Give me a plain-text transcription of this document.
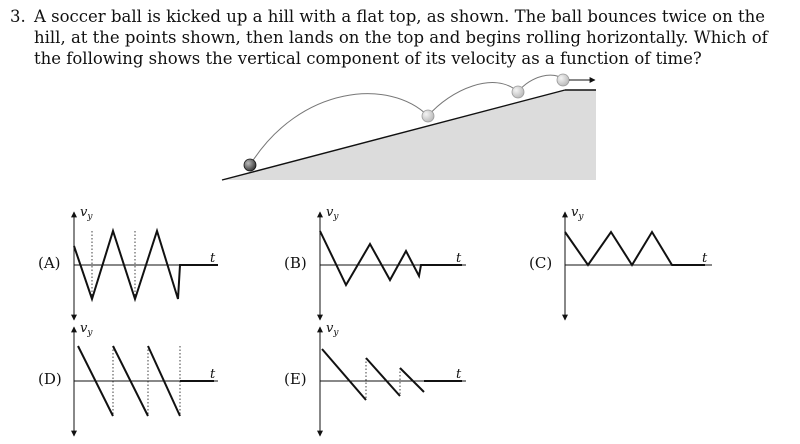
3. A soccer ball is kicked up a hill with a flat top, as shown. The ball bounces twice on the hill, at the points shown, then lands on the top and begins rolling horizontally. Which of the following shows the vertical component of its velocity as a function of time?
(A)
$v_y$
t	(B)
$v_y$
t	(C)
$v_y$
t
(D)
$v_y$
t	(E)
$v_y$
t
